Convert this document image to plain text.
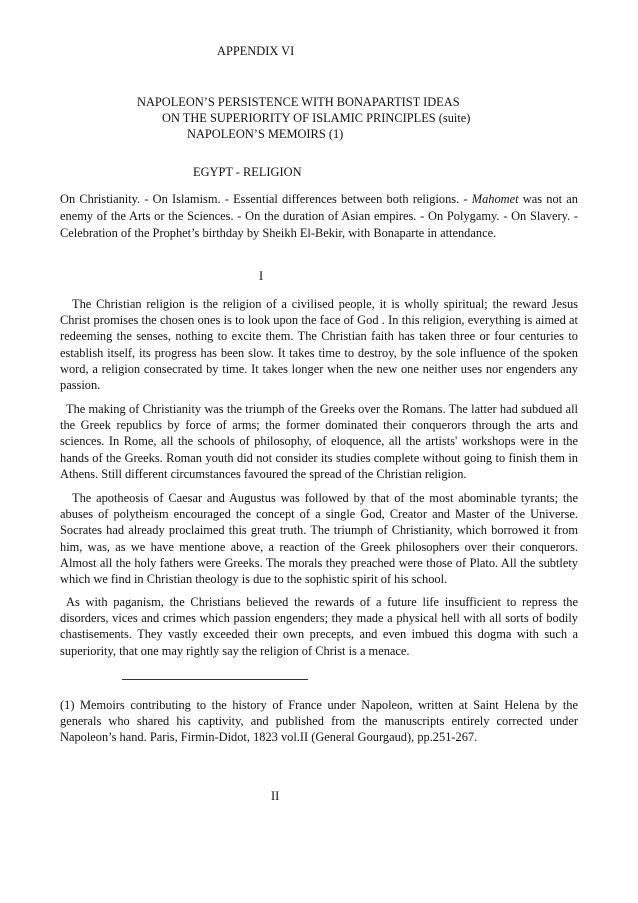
APPENDIX VI
NAPOLEON’S PERSISTENCE WITH BONAPARTIST IDEAS
ON THE SUPERIORITY OF ISLAMIC PRINCIPLES (suite)
NAPOLEON’S MEMOIRS (1)
EGYPT - RELIGION

On Christianity. - On Islamism. - Essential differences between both religions. - Mahomet was not an enemy of the Arts or the Sciences. - On the duration of Asian empires. - On Polygamy. - On Slavery. - Celebration of the Prophet’s birthday by Sheikh El-Bekir, with Bonaparte in attendance.

I

The Christian religion is the religion of a civilised people, it is wholly spiritual; the reward Jesus Christ promises the chosen ones is to look upon the face of God . In this religion, everything is aimed at redeeming the senses, nothing to excite them. The Christian faith has taken three or four centuries to establish itself, its progress has been slow. It takes time to destroy, by the sole influence of the spoken word, a religion consecrated by time. It takes longer when the new one neither uses nor engenders any passion.

The making of Christianity was the triumph of the Greeks over the Romans. The latter had subdued all the Greek republics by force of arms; the former dominated their conquerors through the arts and sciences. In Rome, all the schools of philosophy, of eloquence, all the artists' workshops were in the hands of the Greeks. Roman youth did not consider its studies complete without going to finish them in Athens. Still different circumstances favoured the spread of the Christian religion.

The apotheosis of Caesar and Augustus was followed by that of the most abominable tyrants; the abuses of polytheism encouraged the concept of a single God, Creator and Master of the Universe. Socrates had already proclaimed this great truth. The triumph of Christianity, which borrowed it from him, was, as we have mentione above, a reaction of the Greek philosophers over their conquerors. Almost all the holy fathers were Greeks. The morals they preached were those of Plato. All the subtlety which we find in Christian theology is due to the sophistic spirit of his school.

As with paganism, the Christians believed the rewards of a future life insufficient to repress the disorders, vices and crimes which passion engenders; they made a physical hell with all sorts of bodily chastisements. They vastly exceeded their own precepts, and even imbued this dogma with such a superiority, that one may rightly say the religion of Christ is a menace.

(1) Memoirs contributing to the history of France under Napoleon, written at Saint Helena by the generals who shared his captivity, and published from the manuscripts entirely corrected under Napoleon’s hand. Paris, Firmin-Didot, 1823 vol.II (General Gourgaud), pp.251-267.

II
